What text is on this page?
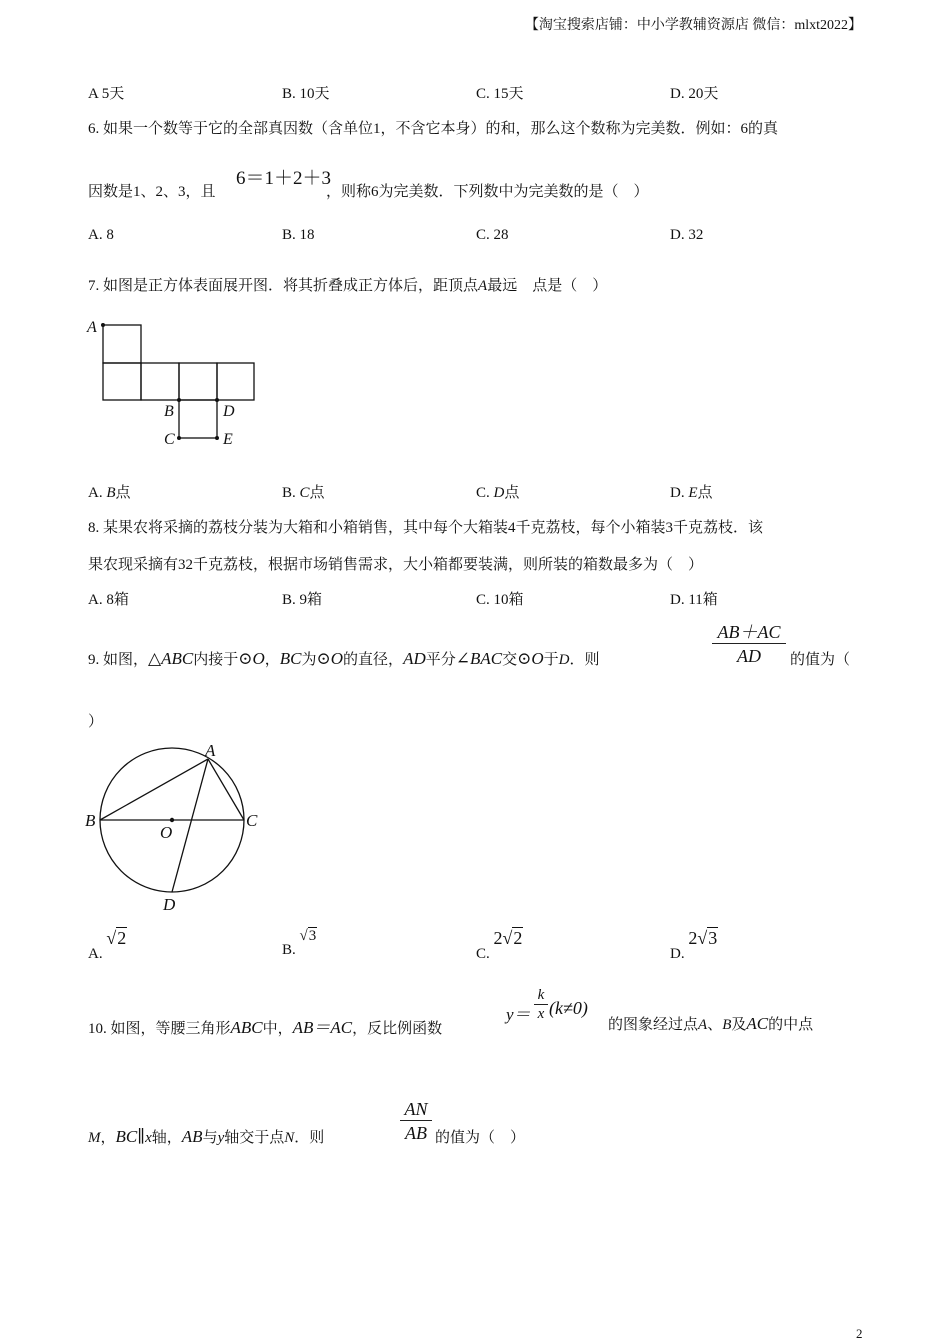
【淘宝搜索店铺：中小学教辅资源店 微信：mlxt2022】
A 5天	B. 10天	C. 15天	D. 20天
6. 如果一个数等于它的全部真因数（含单位1，不含它本身）的和，那么这个数称为完美数．例如：6的真
因数是1、2、3，且
6＝1＋2＋3
，则称6为完美数．下列数中为完美数的是（　）
A. 8	B. 18	C. 28	D. 32
7. 如图是正方体表面展开图．将其折叠成正方体后，距顶点A最远　点是（　）
A
B	D
C	E
A. B点	B. C点	C. D点	D. E点
8. 某果农将采摘的荔枝分装为大箱和小箱销售，其中每个大箱装4千克荔枝，每个小箱装3千克荔枝．该
果农现采摘有32千克荔枝，根据市场销售需求，大小箱都要装满，则所装的箱数最多为（　）
A. 8箱	B. 9箱	C. 10箱	D. 11箱
9. 如图，△ABC内接于⊙O，BC为⊙O的直径，AD平分∠BAC交⊙O于D．则
AB＋AC
AD	的值为（
）
A
B	C
O
D
A. √2
B. √3
C. 2√2
D. 2√3
10. 如图，等腰三角形ABC中，AB＝AC，反比例函数
y＝
k
x (k≠0)
的图象经过点A、B及AC的中点
M，BC∥x轴，AB与y轴交于点N．则
AN
AB 的值为（　）
2
